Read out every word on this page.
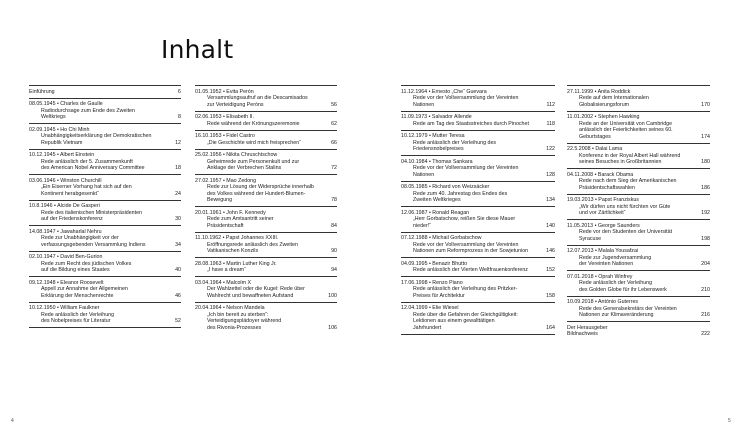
Inhalt
Einführung	6
08.05.1945 • Charles de Gaulle
Radiodurchsage zum Ende des Zweiten
Weltkriegs	8
02.09.1945 • Ho Chi Minh
Unabhängigkeitserklärung der Demokratischen
Republik Vietnam	12
10.12.1945 • Albert Einstein
Rede anlässlich der 5. Zusammenkunft
des American Nobel Anniversary Committee	18
03.06.1946 • Winston Churchill
„Ein Eiserner Vorhang hat sich auf den
Kontinent herabgesenkt“	24
10.8.1946 • Alcide De Gasperi
Rede des italienischen Ministerpräsidenten
auf der Friedenskonferenz	30
14.08.1947 • Jawaharlal Nehru
Rede zur Unabhängigkeit vor der
verfassungsgebenden Versammlung Indiens	34
02.10.1947 • David Ben-Gurion
Rede zum Recht des jüdischen Volkes
auf die Bildung eines Staates	40
09.12.1948 • Eleanor Roosevelt
Appell zur Annahme der Allgemeinen
Erklärung der Menschenrechte	46
10.12.1950 • William Faulkner
Rede anlässlich der Verleihung
des Nobelpreises für Literatur	52
01.05.1952 • Evita Perón
Versammlungsaufruf an die Descamisados
zur Verteidigung Peróns	56
02.06.1953 • Elisabeth II.
Rede während der Krönungszeremonie	62
16.10.1953 • Fidel Castro
„Die Geschichte wird mich freisprechen“	66
25.02.1956 • Nikita Chruschtschow
Geheimrede zum Personenkult und zur
Anklage der Verbrechen Stalins	72
27.02.1957 • Mao Zedong
Rede zur Lösung der Widersprüche innerhalb
des Volkes während der Hundert-Blumen-
Bewegung	78
20.01.1961 • John F. Kennedy
Rede zum Amtsantritt seiner
Präsidentschaft	84
11.10.1962 • Papst Johannes XXIII.
Eröffnungsrede anlässlich des Zweiten
Vatikanischen Konzils	90
28.08.1963 • Martin Luther King Jr.
„I have a dream“	94
03.04.1964 • Malcolm X
Der Wahlzettel oder die Kugel: Rede über
Wahlrecht und bewaffneten Aufstand	100
20.04.1964 • Nelson Mandela
„Ich bin bereit zu sterben“:
Verteidigungsplädoyer während
des Rivonia-Prozesses	106
11.12.1964 • Ernesto „Che“ Guevara
Rede vor der Vollversammlung der Vereinten
Nationen	112
11.09.1973 • Salvador Allende
Rede am Tag des Staatsstreiches durch Pinochet	118
10.12.1979 • Mutter Teresa
Rede anlässlich der Verleihung des
Friedensnobelpreises	122
04.10.1984 • Thomas Sankara
Rede vor der Vollversammlung der Vereinten
Nationen	128
08.05.1985 • Richard von Weizsäcker
Rede zum 40. Jahrestag des Endes des
Zweiten Weltkrieges	134
12.06.1987 • Ronald Reagan
„Herr Gorbatschow, reißen Sie diese Mauer
nieder!“	140
07.12.1988 • Michail Gorbatschow
Rede vor der Vollversammlung der Vereinten
Nationen zum Reformprozess in der Sowjetunion	146
04.09.1995 • Benazir Bhutto
Rede anlässlich der Vierten Weltfrauenkonferenz	152
17.06.1998 • Renzo Piano
Rede anlässlich der Verleihung des Pritzker-
Preises für Architektur	158
12.04.1999 • Elie Wiesel
Rede über die Gefahren der Gleichgültigkeit:
Lektionen aus einem gewalttätigen
Jahrhundert	164
27.11.1999 • Anita Roddick
Rede auf dem Internationalen
Globalisierungsforum	170
11.01.2002 • Stephen Hawking
Rede an der Universität von Cambridge
anlässlich der Feierlichkeiten seines 60.
Geburtstages	174
22.5.2008 • Dalai Lama
Konferenz in der Royal Albert Hall während
seines Besuches in Großbritannien	180
04.11.2008 • Barack Obama
Rede nach dem Sieg der Amerikanischen
Präsidentschaftswahlen	186
19.03.2013 • Papst Franziskus
„Wir dürfen uns nicht fürchten vor Güte
und vor Zärtlichkeit“	192
11.05.2013 • George Saunders
Rede vor den Studenten der Universität
Syracuse	198
12.07.2013 • Malala Yousafzai
Rede zur Jugendversammlung
der Vereinten Nationen	204
07.01.2018 • Oprah Winfrey
Rede anlässlich der Verleihung
des Golden Globe für ihr Lebenswerk	210
10.09.2018 • António Guterres
Rede des Generalsekretärs der Vereinten
Nationen zur Klimaveränderung	216
Der Herausgeber
Bildnachweis	222
4	5
